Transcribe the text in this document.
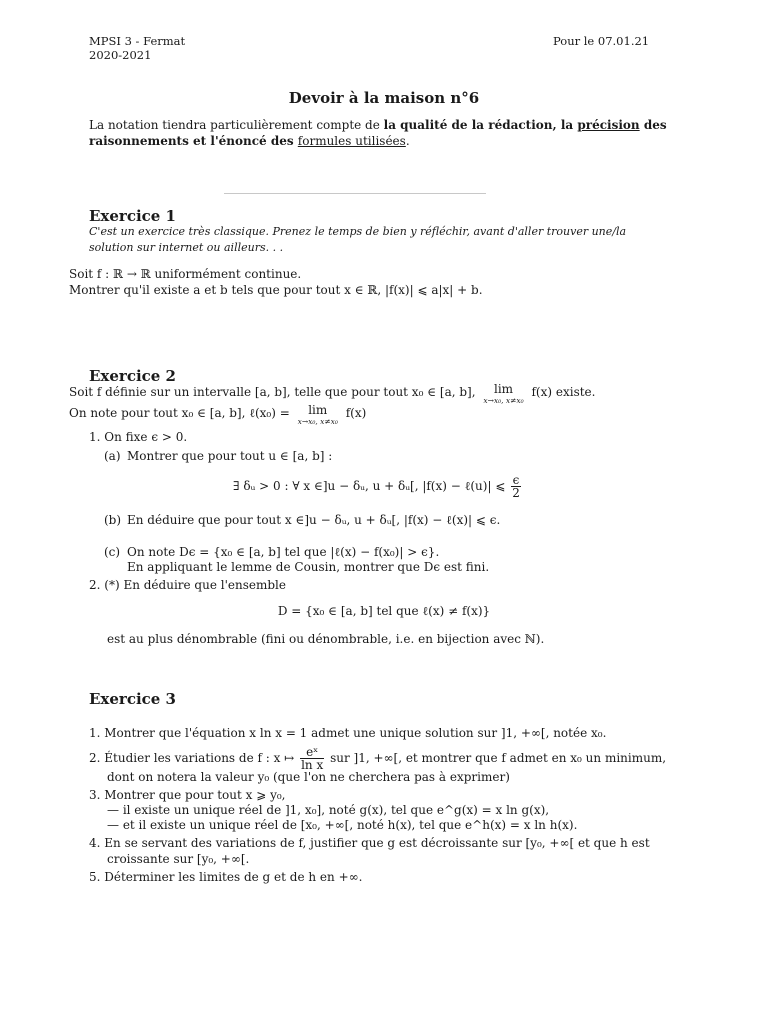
MPSI 3 - Fermat
2020-2021
Pour le 07.01.21
Devoir à la maison n°6
La notation tiendra particulièrement compte de la qualité de la rédaction, la précision des
raisonnements et l'énoncé des formules utilisées.
Exercice 1
C'est un exercice très classique. Prenez le temps de bien y réfléchir, avant d'aller trouver une/la solution sur internet ou ailleurs. . .
Soit f : ℝ → ℝ uniformément continue.
Montrer qu'il existe a et b tels que pour tout x ∈ ℝ, |f(x)| ⩽ a|x| + b.
Exercice 2
Soit f définie sur un intervalle [a, b], telle que pour tout x₀ ∈ [a, b],	lim
x→x₀, x≠x₀
f(x) existe.
On note pour tout x₀ ∈ [a, b], ℓ(x₀) =	lim
x→x₀, x≠x₀
f(x)
1. On fixe ϵ > 0.
(a) Montrer que pour tout u ∈ [a, b] :
∃ δᵤ > 0 : ∀ x ∈]u − δᵤ, u + δᵤ[, |f(x) − ℓ(u)| ⩽ $\frac{\epsilon}{2}$
(b) En déduire que pour tout x ∈]u − δᵤ, u + δᵤ[, |f(x) − ℓ(x)| ⩽ ϵ.
(c) On note Dϵ = {x₀ ∈ [a, b] tel que |ℓ(x) − f(x₀)| > ϵ}.
En appliquant le lemme de Cousin, montrer que Dϵ est fini.
2. (*) En déduire que l'ensemble
D = {x₀ ∈ [a, b] tel que ℓ(x) ≠ f(x)}
est au plus dénombrable (fini ou dénombrable, i.e. en bijection avec ℕ).
Exercice 3
1. Montrer que l'équation x ln x = 1 admet une unique solution sur ]1, +∞[, notée x₀.
2. Étudier les variations de f : x ↦ $\frac{\text{eˣ}}{\text{ln x}}$ sur ]1, +∞[, et montrer que f admet en x₀ un minimum,
dont on notera la valeur y₀ (que l'on ne cherchera pas à exprimer)
3. Montrer que pour tout x ⩾ y₀,
— il existe un unique réel de ]1, x₀], noté g(x), tel que e^g(x) = x ln g(x),
— et il existe un unique réel de [x₀, +∞[, noté h(x), tel que e^h(x) = x ln h(x).
4. En se servant des variations de f, justifier que g est décroissante sur [y₀, +∞[ et que h est
croissante sur [y₀, +∞[.
5. Déterminer les limites de g et de h en +∞.
